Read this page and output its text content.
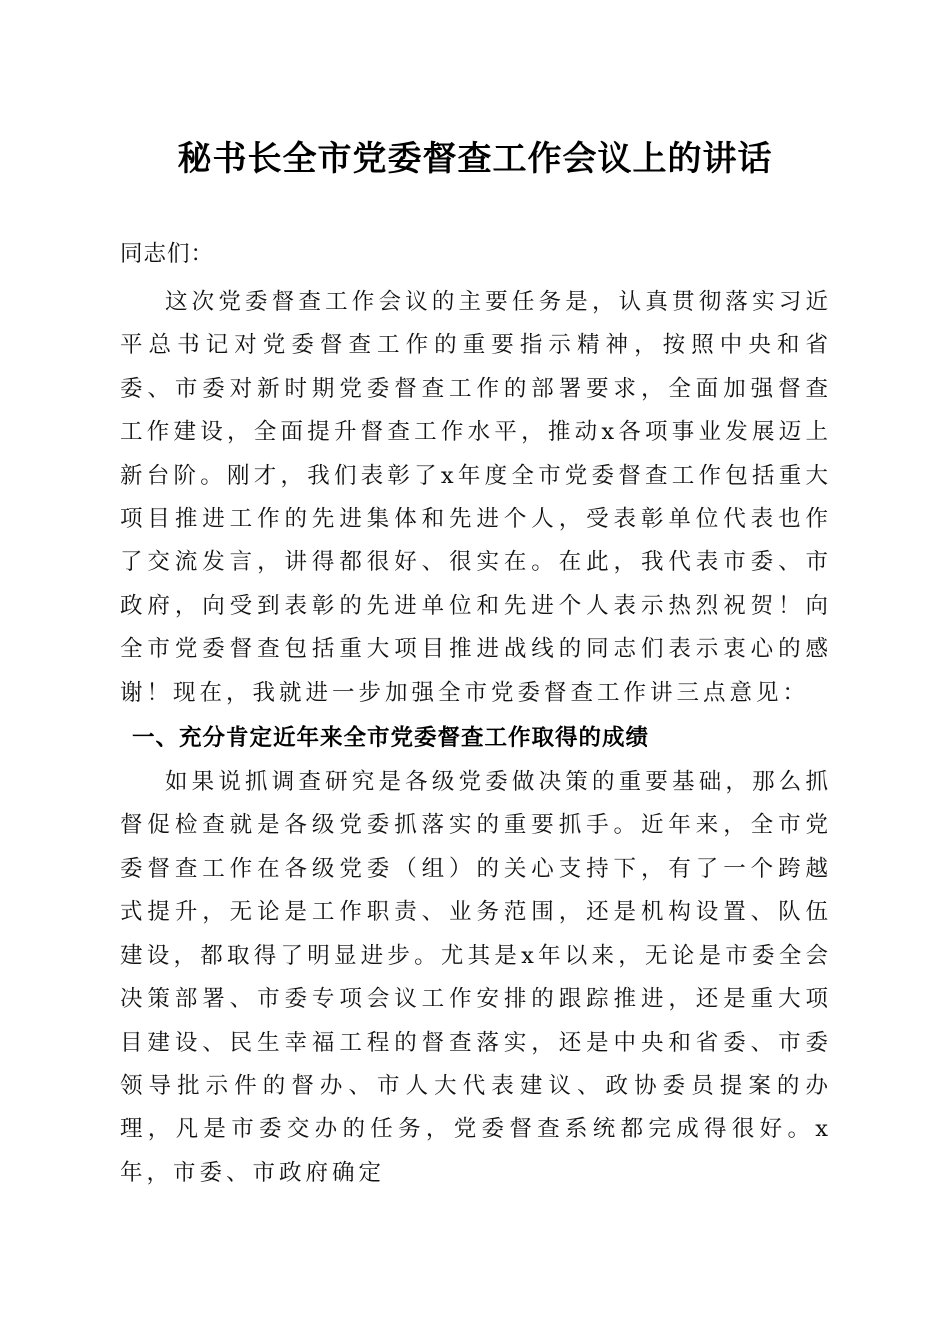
秘书长全市党委督查工作会议上的讲话

同志们：

这次党委督查工作会议的主要任务是，认真贯彻落实习近平总书记对党委督查工作的重要指示精神，按照中央和省委、市委对新时期党委督查工作的部署要求，全面加强督查工作建设，全面提升督查工作水平，推动x各项事业发展迈上新台阶。刚才，我们表彰了x年度全市党委督查工作包括重大项目推进工作的先进集体和先进个人，受表彰单位代表也作了交流发言，讲得都很好、很实在。在此，我代表市委、市政府，向受到表彰的先进单位和先进个人表示热烈祝贺！向全市党委督查包括重大项目推进战线的同志们表示衷心的感谢！现在，我就进一步加强全市党委督查工作讲三点意见：

一、充分肯定近年来全市党委督查工作取得的成绩

如果说抓调查研究是各级党委做决策的重要基础，那么抓督促检查就是各级党委抓落实的重要抓手。近年来，全市党委督查工作在各级党委（组）的关心支持下，有了一个跨越式提升，无论是工作职责、业务范围，还是机构设置、队伍建设，都取得了明显进步。尤其是x年以来，无论是市委全会决策部署、市委专项会议工作安排的跟踪推进，还是重大项目建设、民生幸福工程的督查落实，还是中央和省委、市委领导批示件的督办、市人大代表建议、政协委员提案的办理，凡是市委交办的任务，党委督查系统都完成得很好。x年，市委、市政府确定
